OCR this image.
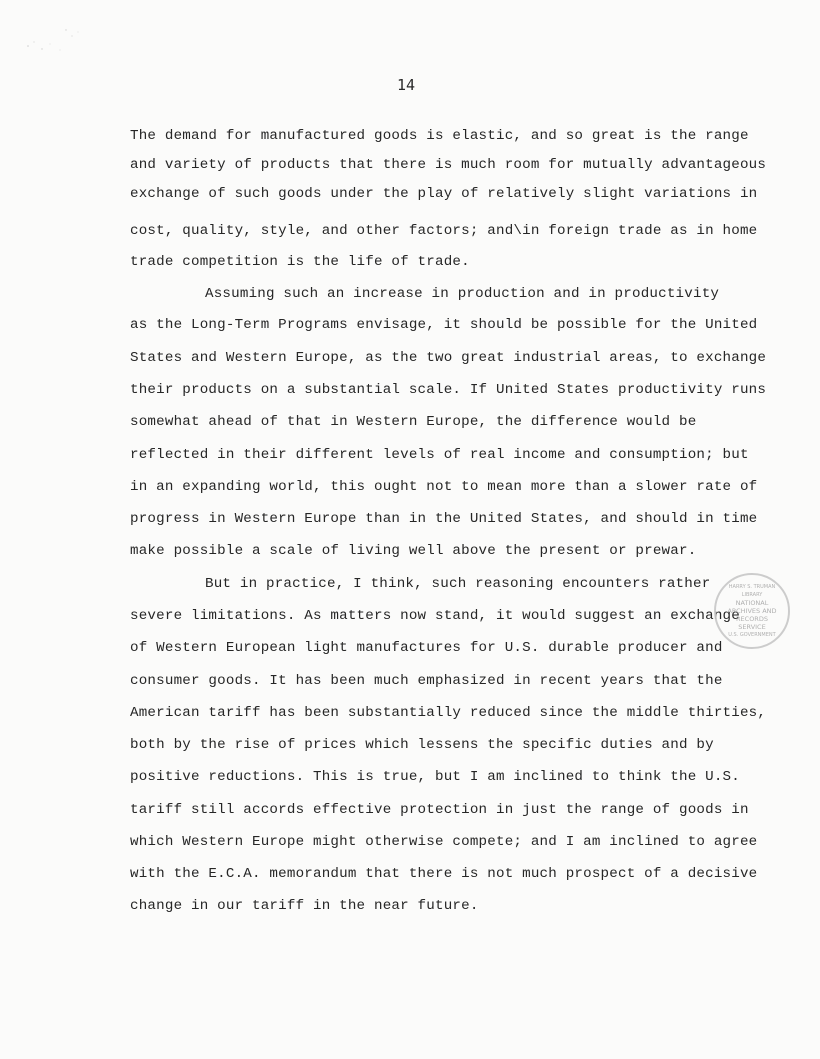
14
The demand for manufactured goods is elastic, and so great is the range
and variety of products that there is much room for mutually advantageous
exchange of such goods under the play of relatively slight variations in
cost, quality, style, and other factors; and\in foreign trade as in home
trade competition is the life of trade.
Assuming such an increase in production and in productivity
as the Long-Term Programs envisage, it should be possible for the United
States and Western Europe, as the two great industrial areas, to exchange
their products on a substantial scale. If United States productivity runs
somewhat ahead of that in Western Europe, the difference would be
reflected in their different levels of real income and consumption; but
in an expanding world, this ought not to mean more than a slower rate of
progress in Western Europe than in the United States, and should in time
make possible a scale of living well above the present or prewar.
But in practice, I think, such reasoning encounters rather
severe limitations. As matters now stand, it would suggest an exchange
of Western European light manufactures for U.S. durable producer and
consumer goods. It has been much emphasized in recent years that the
American tariff has been substantially reduced since the middle thirties,
both by the rise of prices which lessens the specific duties and by
positive reductions. This is true, but I am inclined to think the U.S.
tariff still accords effective protection in just the range of goods in
which Western Europe might otherwise compete; and I am inclined to agree
with the E.C.A. memorandum that there is not much prospect of a decisive
change in our tariff in the near future.
HARRY S. TRUMAN LIBRARY
NATIONAL
ARCHIVES AND
RECORDS
SERVICE
U.S. GOVERNMENT
